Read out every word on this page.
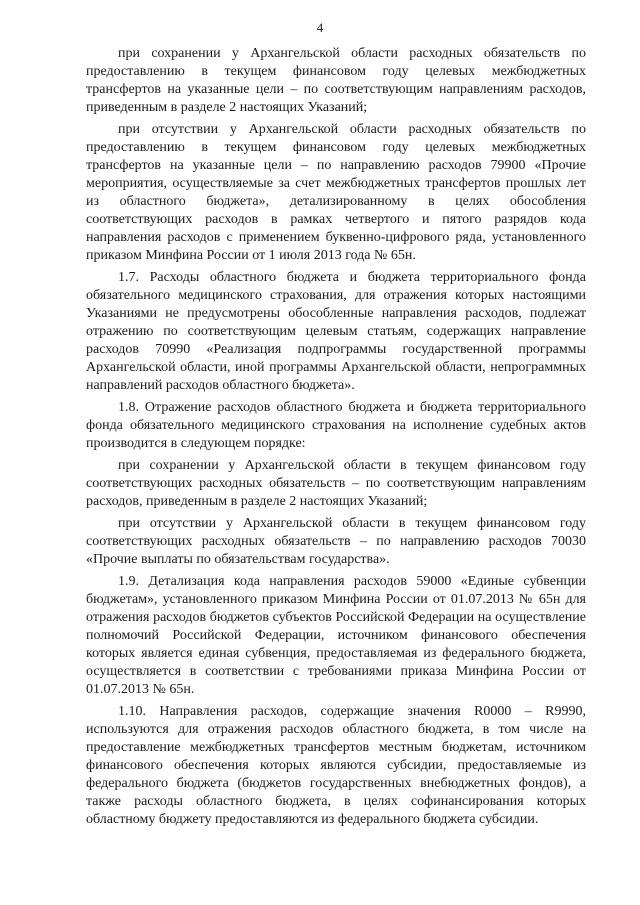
4

при сохранении у Архангельской области расходных обязательств по предоставлению в текущем финансовом году целевых межбюджетных трансфертов на указанные цели – по соответствующим направлениям расходов, приведенным в разделе 2 настоящих Указаний;

при отсутствии у Архангельской области расходных обязательств по предоставлению в текущем финансовом году целевых межбюджетных трансфертов на указанные цели – по направлению расходов 79900 «Прочие мероприятия, осуществляемые за счет межбюджетных трансфертов прошлых лет из областного бюджета», детализированному в целях обособления соответствующих расходов в рамках четвертого и пятого разрядов кода направления расходов с применением буквенно-цифрового ряда, установленного приказом Минфина России от 1 июля 2013 года № 65н.

1.7. Расходы областного бюджета и бюджета территориального фонда обязательного медицинского страхования, для отражения которых настоящими Указаниями не предусмотрены обособленные направления расходов, подлежат отражению по соответствующим целевым статьям, содержащих направление расходов 70990 «Реализация подпрограммы государственной программы Архангельской области, иной программы Архангельской области, непрограммных направлений расходов областного бюджета».

1.8. Отражение расходов областного бюджета и бюджета территориального фонда обязательного медицинского страхования на исполнение судебных актов производится в следующем порядке:

при сохранении у Архангельской области в текущем финансовом году соответствующих расходных обязательств – по соответствующим направлениям расходов, приведенным в разделе 2 настоящих Указаний;

при отсутствии у Архангельской области в текущем финансовом году соответствующих расходных обязательств – по направлению расходов 70030 «Прочие выплаты по обязательствам государства».

1.9. Детализация кода направления расходов 59000 «Единые субвенции бюджетам», установленного приказом Минфина России от 01.07.2013 № 65н для отражения расходов бюджетов субъектов Российской Федерации на осуществление полномочий Российской Федерации, источником финансового обеспечения которых является единая субвенция, предоставляемая из федерального бюджета, осуществляется в соответствии с требованиями приказа Минфина России от 01.07.2013 № 65н.

1.10. Направления расходов, содержащие значения R0000 – R9990, используются для отражения расходов областного бюджета, в том числе на предоставление межбюджетных трансфертов местным бюджетам, источником финансового обеспечения которых являются субсидии, предоставляемые из федерального бюджета (бюджетов государственных внебюджетных фондов), а также расходы областного бюджета, в целях софинансирования которых областному бюджету предоставляются из федерального бюджета субсидии.
